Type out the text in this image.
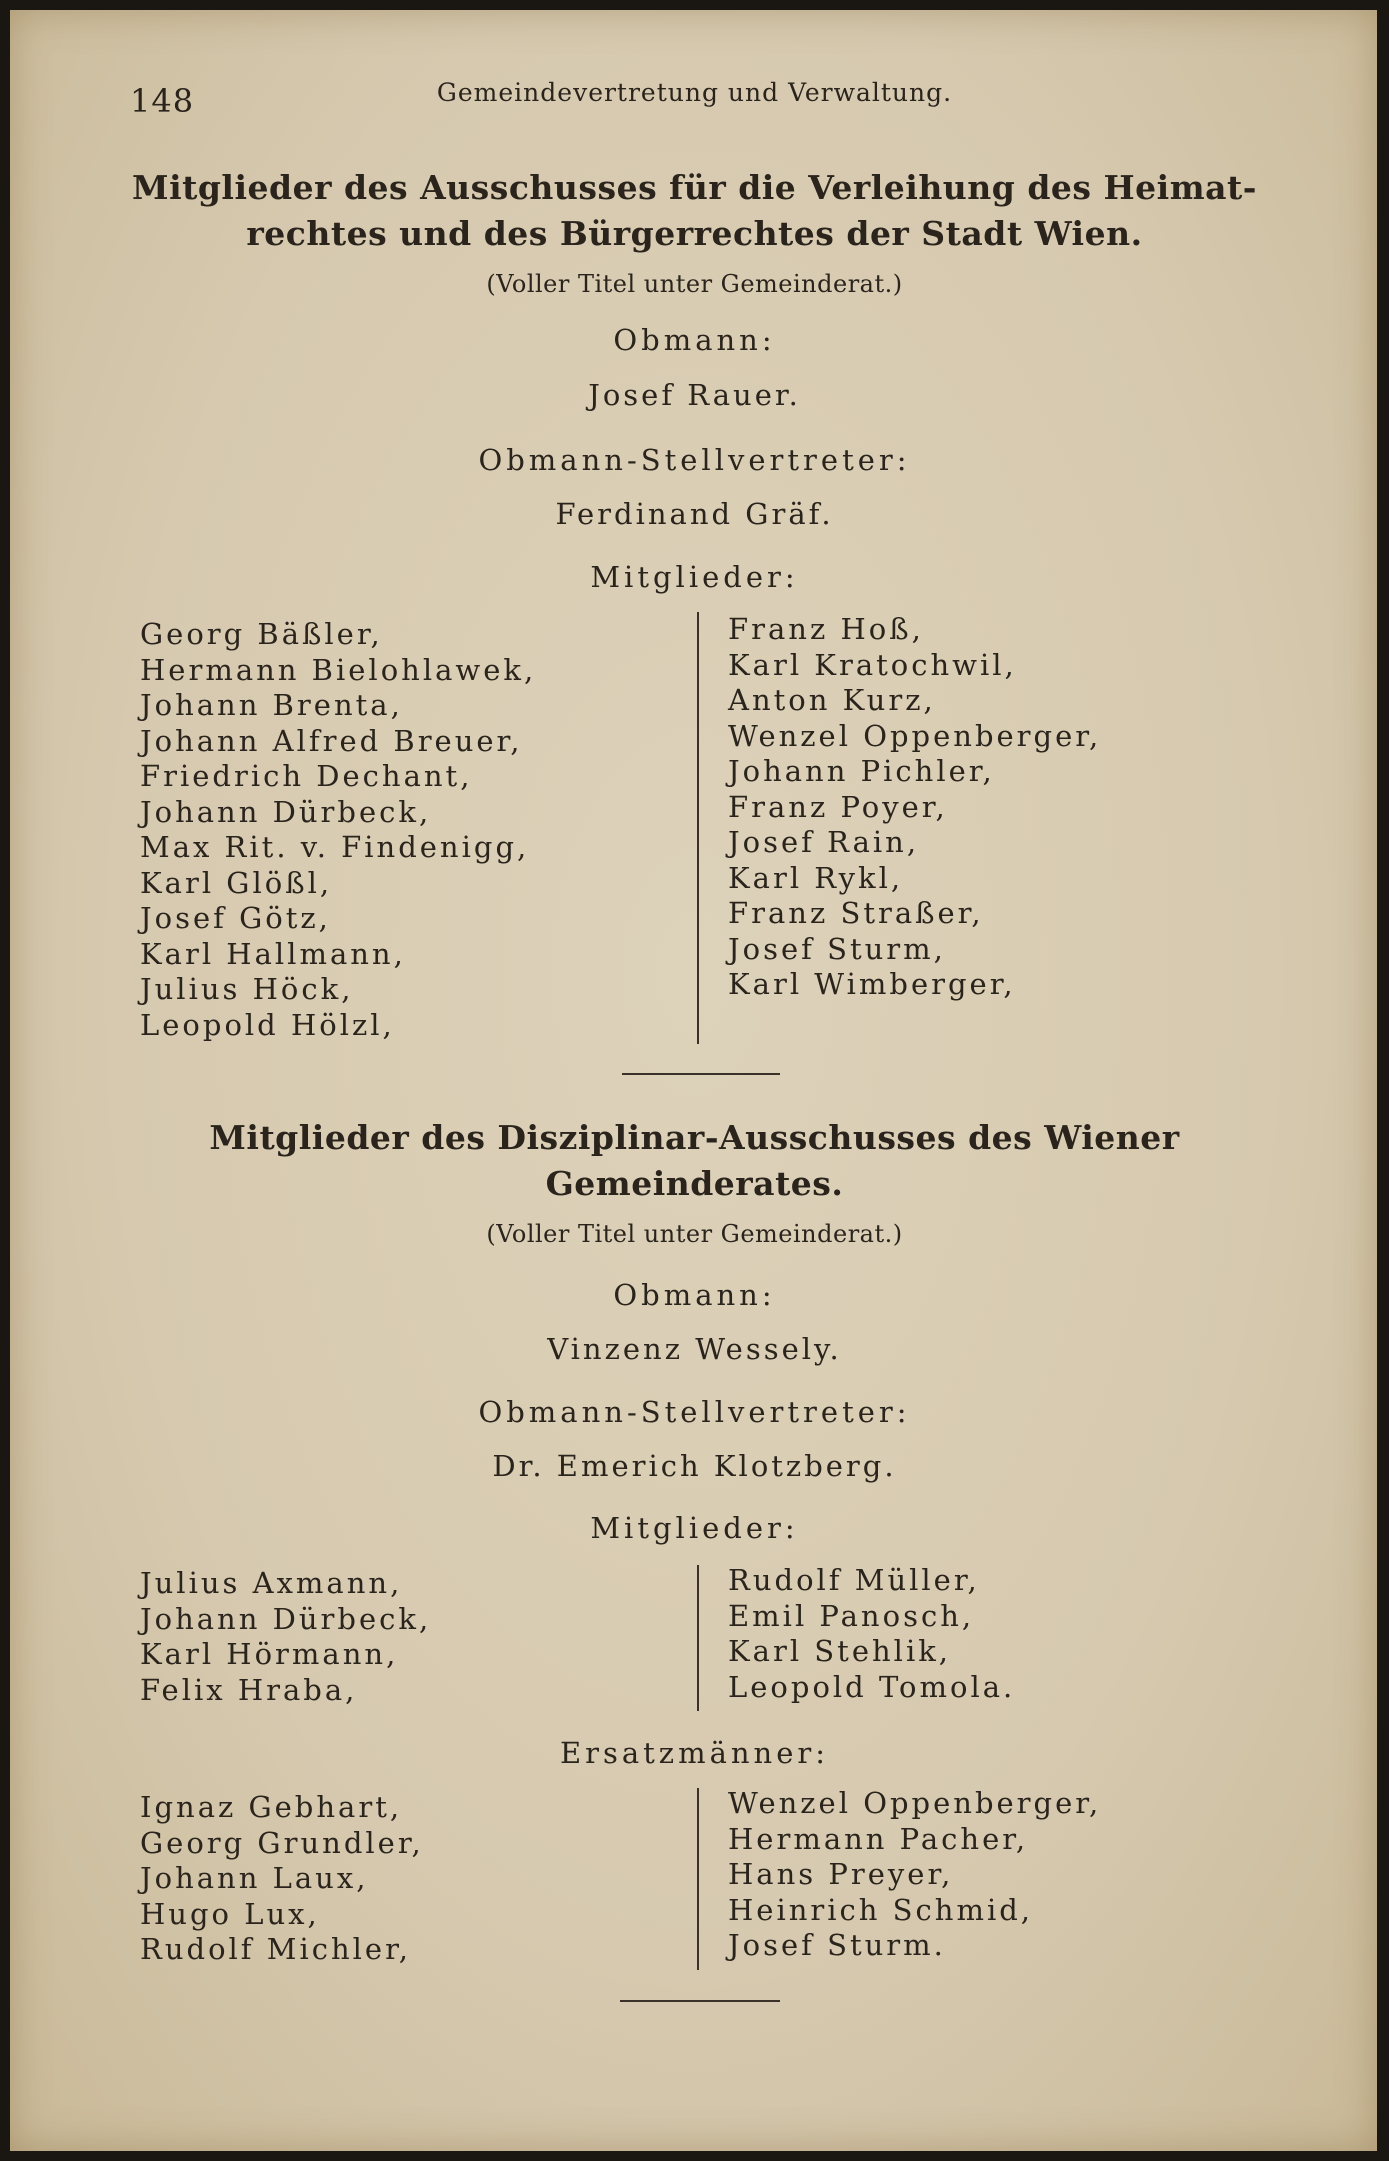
148	Gemeindevertretung und Verwaltung.
Mitglieder des Ausschusses für die Verleihung des Heimat-
rechtes und des Bürgerrechtes der Stadt Wien.
(Voller Titel unter Gemeinderat.)
Obmann:
Josef Rauer.
Obmann-Stellvertreter:
Ferdinand Gräf.
Mitglieder:
Georg Bäßler,
Hermann Bielohlawek,
Johann Brenta,
Johann Alfred Breuer,
Friedrich Dechant,
Johann Dürbeck,
Max Rit. v. Findenigg,
Karl Glößl,
Josef Götz,
Karl Hallmann,
Julius Höck,
Leopold Hölzl,
Franz Hoß,
Karl Kratochwil,
Anton Kurz,
Wenzel Oppenberger,
Johann Pichler,
Franz Poyer,
Josef Rain,
Karl Rykl,
Franz Straßer,
Josef Sturm,
Karl Wimberger,
Mitglieder des Disziplinar-Ausschusses des Wiener
Gemeinderates.
(Voller Titel unter Gemeinderat.)
Obmann:
Vinzenz Wessely.
Obmann-Stellvertreter:
Dr. Emerich Klotzberg.
Mitglieder:
Julius Axmann,
Johann Dürbeck,
Karl Hörmann,
Felix Hraba,
Rudolf Müller,
Emil Panosch,
Karl Stehlik,
Leopold Tomola.
Ersatzmänner:
Ignaz Gebhart,
Georg Grundler,
Johann Laux,
Hugo Lux,
Rudolf Michler,
Wenzel Oppenberger,
Hermann Pacher,
Hans Preyer,
Heinrich Schmid,
Josef Sturm.
